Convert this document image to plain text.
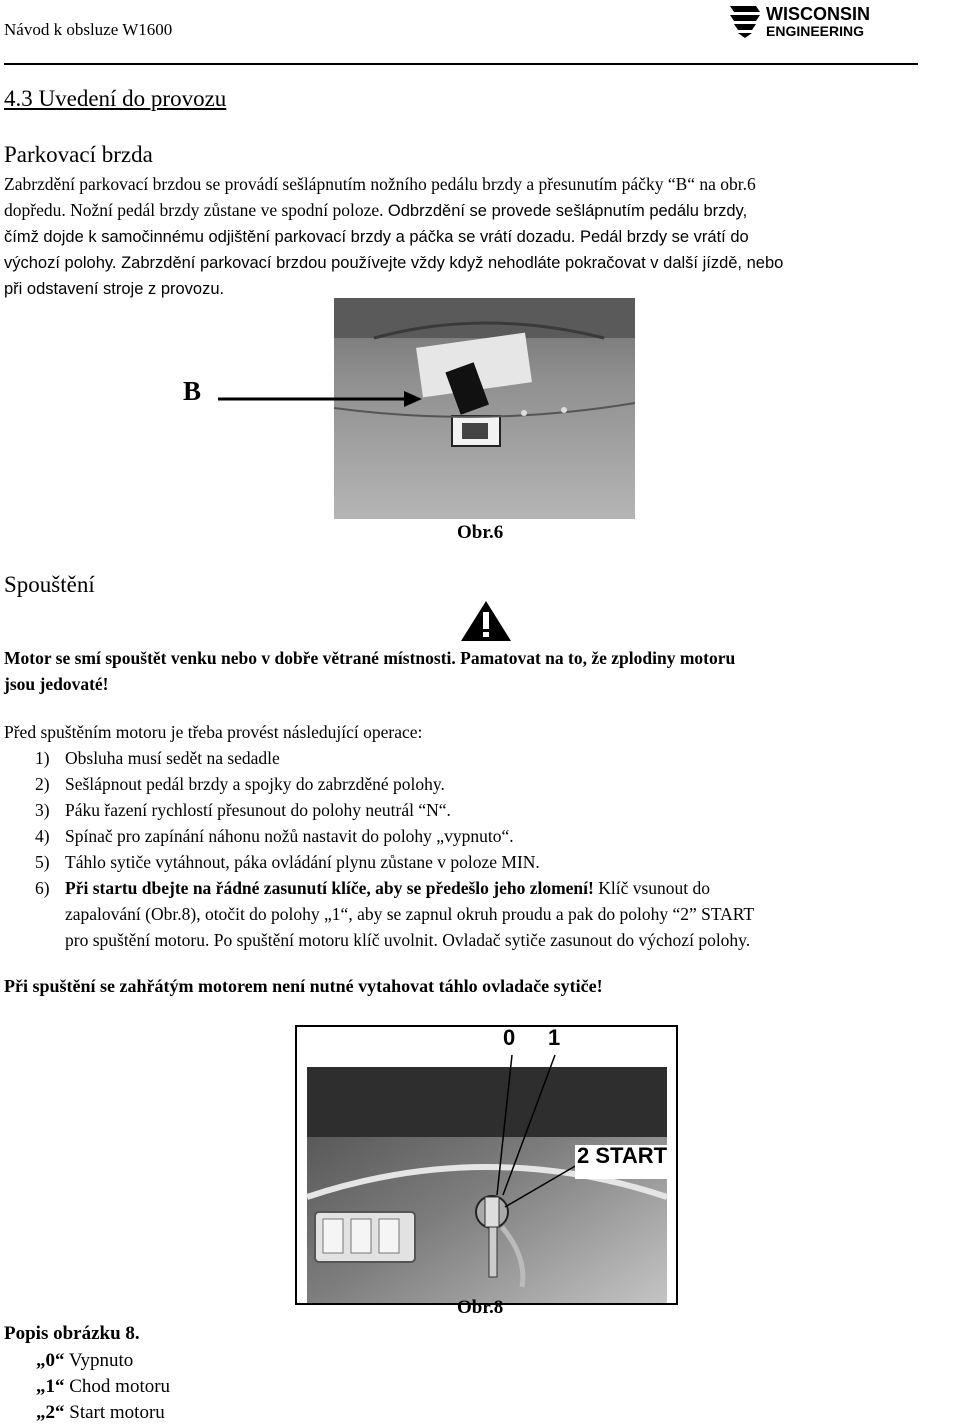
Návod k obsluze W1600
WISCONSIN
ENGINEERING
4.3 Uvedení do provozu
Parkovací brzda
Zabrzdění parkovací brzdou se provádí sešlápnutím nožního pedálu brzdy a přesunutím páčky “B“ na obr.6
dopředu. Nožní pedál brzdy zůstane ve spodní poloze. Odbrzdění se provede sešlápnutím pedálu brzdy,
čímž dojde k samočinnému odjištění parkovací brzdy a páčka se vrátí dozadu. Pedál brzdy se vrátí do
výchozí polohy. Zabrzdění parkovací brzdou používejte vždy když nehodláte pokračovat v další jízdě, nebo
při odstavení stroje z provozu.
B
Obr.6
Spouštění
Motor se smí spouštět venku nebo v dobře větrané místnosti. Pamatovat na to, že zplodiny motoru
jsou jedovaté!
Před spuštěním motoru je třeba provést následující operace:
1) Obsluha musí sedět na sedadle
2) Sešlápnout pedál brzdy a spojky do zabrzděné polohy.
3) Páku řazení rychlostí přesunout do polohy neutrál “N“.
4) Spínač pro zapínání náhonu nožů nastavit do polohy „vypnuto“.
5) Táhlo sytiče vytáhnout, páka ovládání plynu zůstane v poloze MIN.
6) Při startu dbejte na řádné zasunutí klíče, aby se předešlo jeho zlomení! Klíč vsunout do
zapalování (Obr.8), otočit do polohy „1“, aby se zapnul okruh proudu a pak do polohy “2” START
pro spuštění motoru. Po spuštění motoru klíč uvolnit. Ovladač sytiče zasunout do výchozí polohy.
Při spuštění se zahřátým motorem není nutné vytahovat táhlo ovladače sytiče!
0 1
2 START
Obr.8
Popis obrázku 8.
„0“ Vypnuto
„1“ Chod motoru
„2“ Start motoru
